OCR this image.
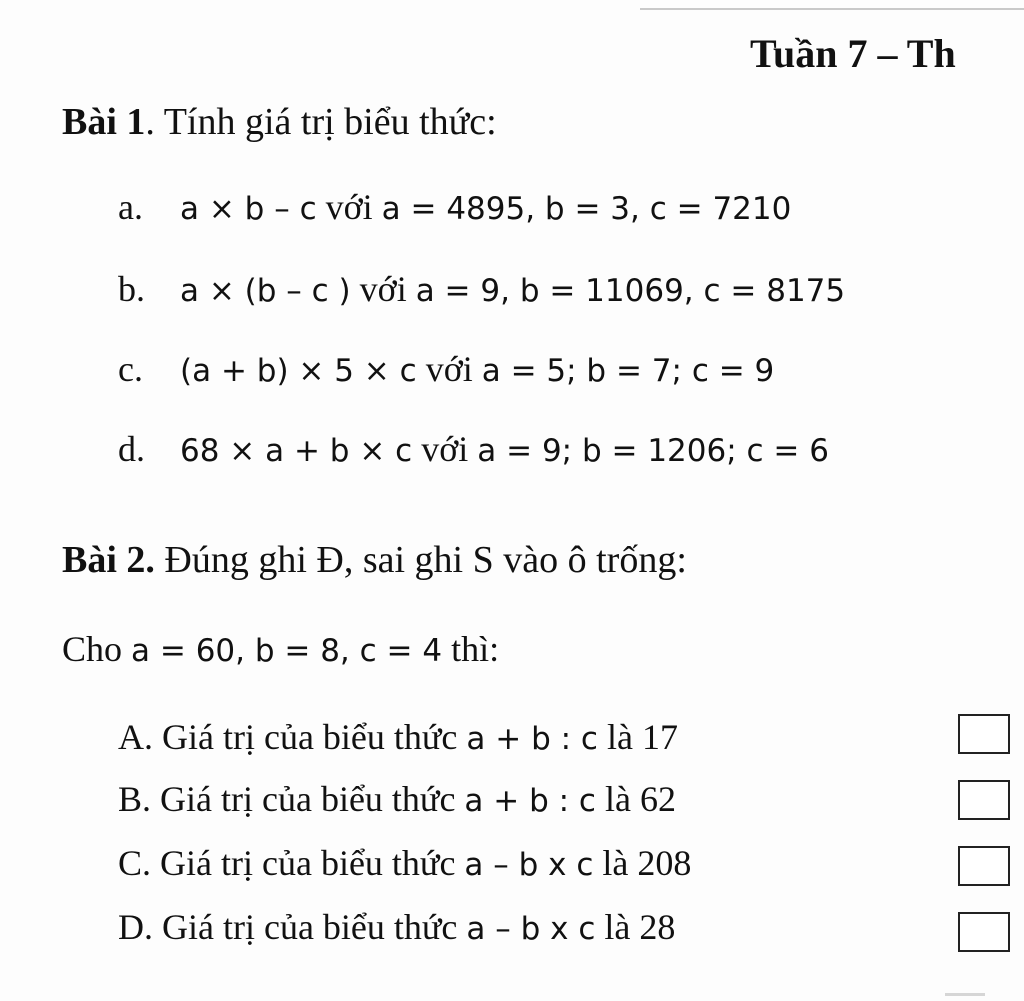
Tuần 7 – Th
Bài 1. Tính giá trị biểu thức:
a. a × b – c với a = 4895, b = 3, c = 7210
b. a × (b – c ) với a = 9, b = 11069, c = 8175
c. (a + b) × 5 × c với a = 5; b = 7; c = 9
d. 68 × a + b × c với a = 9; b = 1206; c = 6
Bài 2. Đúng ghi Đ, sai ghi S vào ô trống:
Cho a = 60, b = 8, c = 4 thì:
A. Giá trị của biểu thức a + b : c là 17
B. Giá trị của biểu thức a + b : c là 62
C. Giá trị của biểu thức a – b x c là 208
D. Giá trị của biểu thức a – b x c là 28
